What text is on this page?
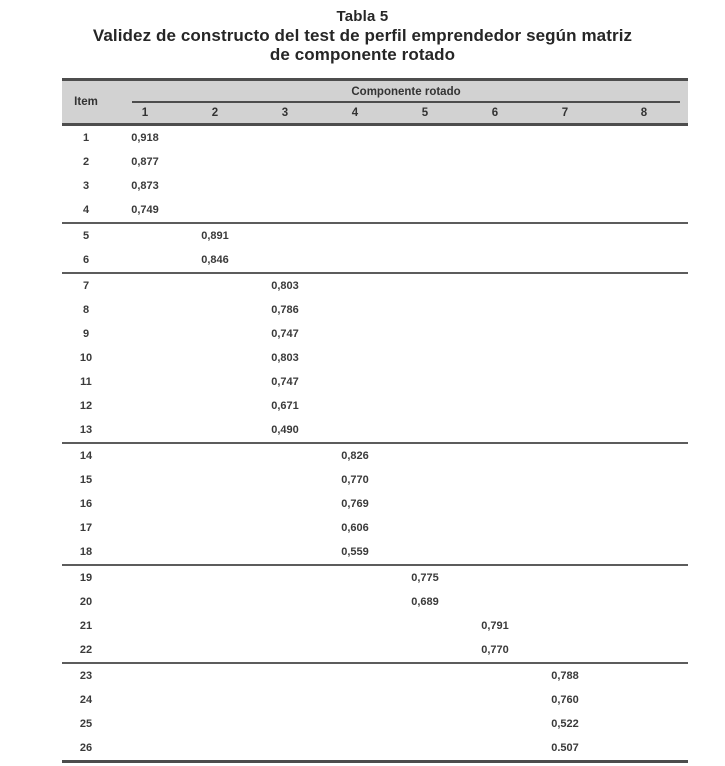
Tabla 5
Validez de constructo del test de perfil emprendedor según matriz
de componente rotado
Item	Componente rotado							

	1	2	3	4	5	6	7	8
1	0,918							
2	0,877							
3	0,873							
4	0,749							
5		0,891						
6		0,846						
7			0,803					
8			0,786					
9			0,747					
10			0,803					
11			0,747					
12			0,671					
13			0,490					
14				0,826				
15				0,770				
16				0,769				
17				0,606				
18				0,559				
19					0,775			
20					0,689			
21						0,791		
22						0,770		
23							0,788	
24							0,760	
25							0,522	
26							0.507	
